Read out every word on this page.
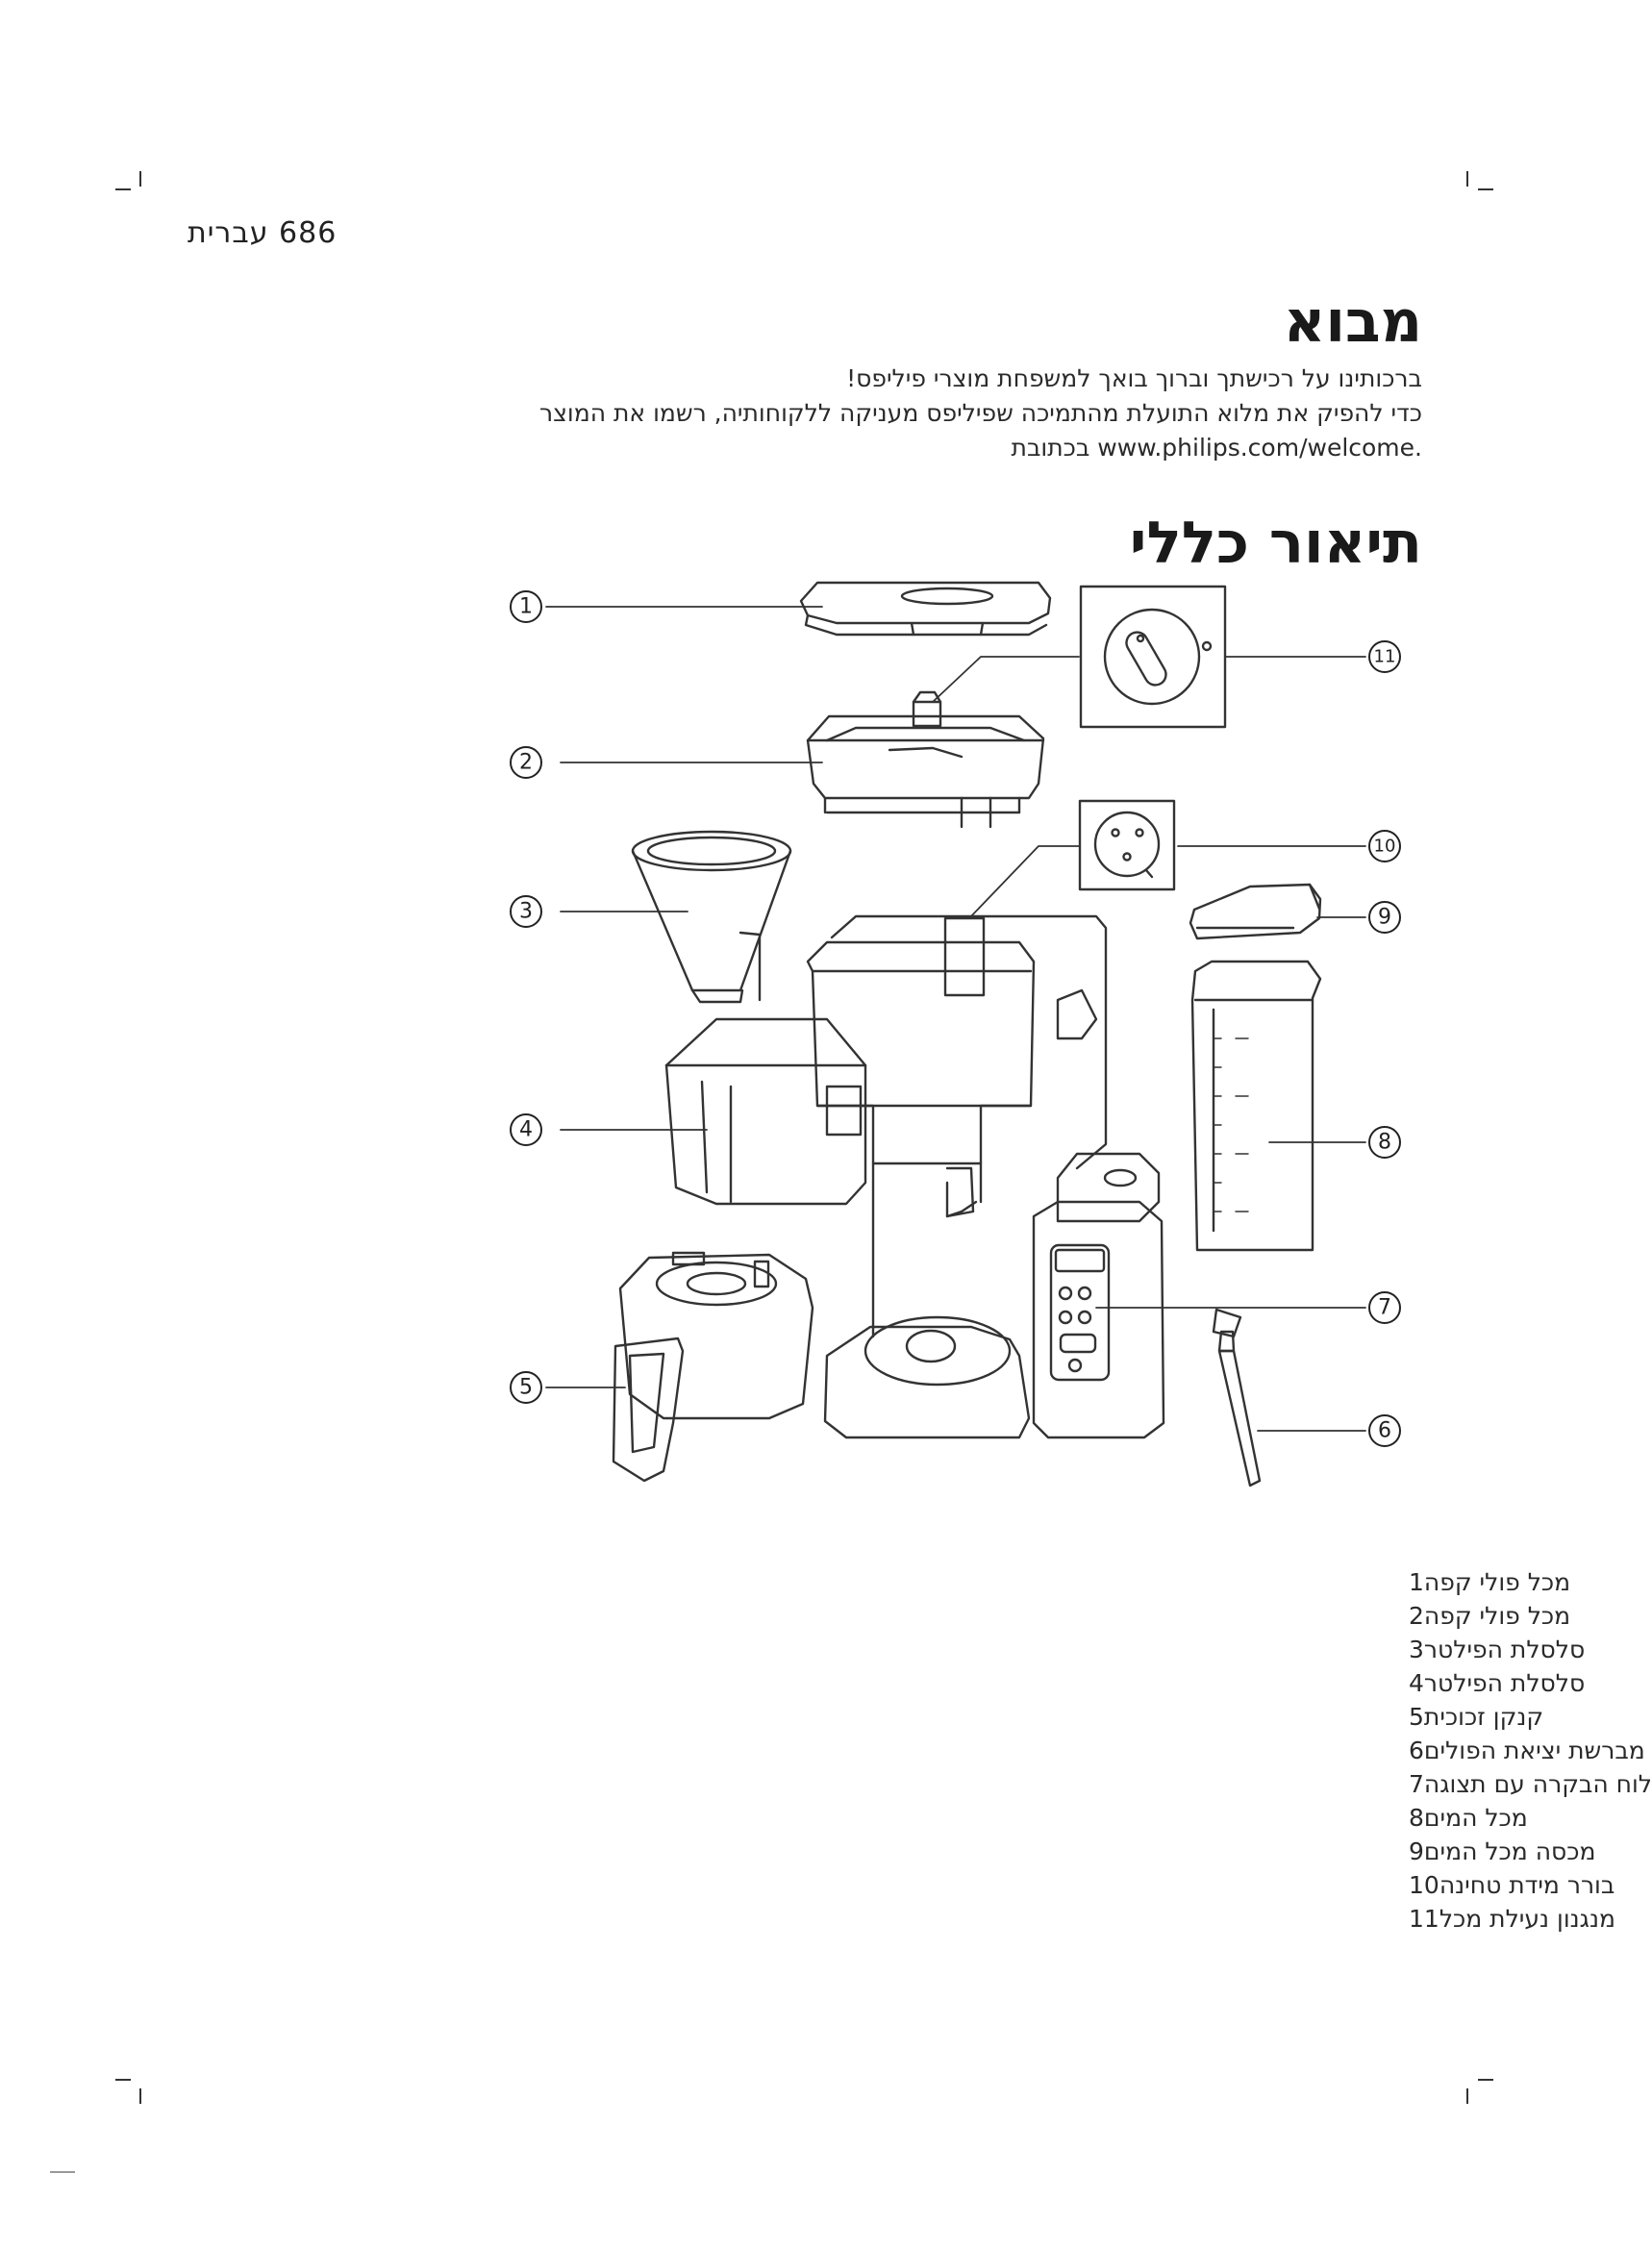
686 עברית
מבוא
ברכותינו על רכישתך וברוך בואך למשפחת מוצרי פיליפס!
כדי להפיק את מלוא התועלת מהתמיכה שפיליפס מעניקה ללקוחותיה, רשמו את המוצר
.www.philips.com/welcome בכתובת
תיאור כללי
1
2
3
4
5
6
7
8
9
10
11
1מכל פולי קפה
2מכל פולי קפה
3סלסלת הפילטר
4סלסלת הפילטר
5קנקן זכוכית
6מברשת יציאת הפולים
7לוח הבקרה עם תצוגה
8מכל המים
9מכסה מכל המים
10בורר מידת טחינה
11מנגנון נעילת מכל
